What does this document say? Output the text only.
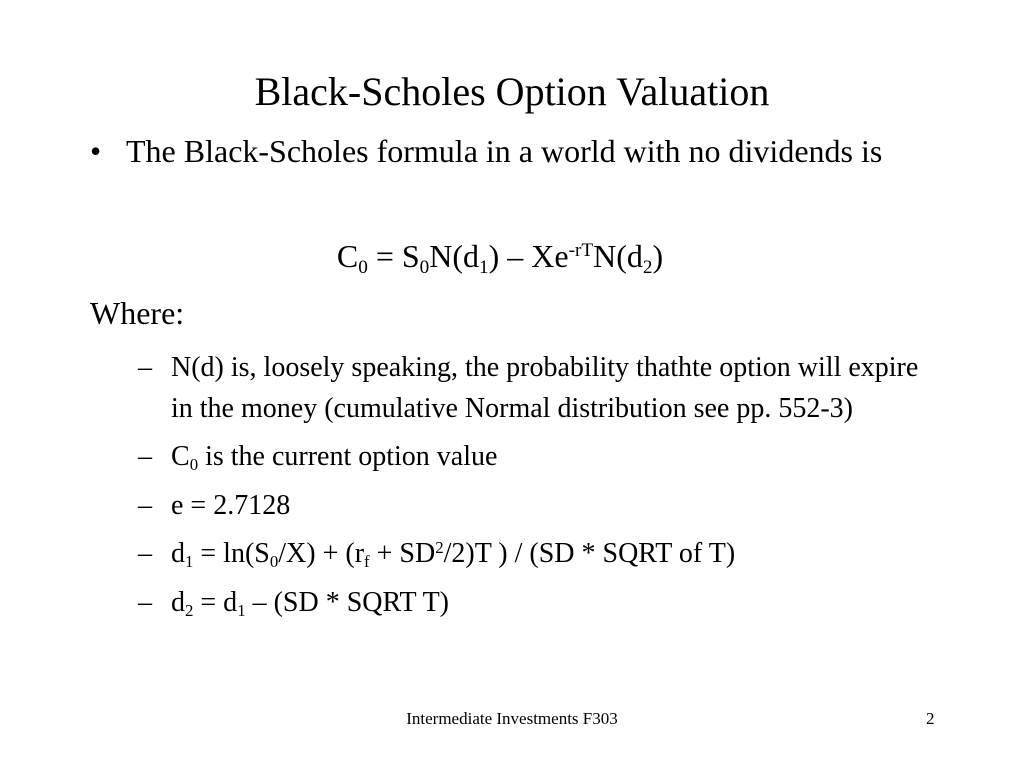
Black-Scholes Option Valuation
• The Black-Scholes formula in a world with no dividends is
$C_0 = S_0N(d_1) - Xe^{-rT}N(d_2)$
Where:
– N(d) is, loosely speaking, the probability thathte option will expire in the money (cumulative Normal distribution see pp. 552-3)
– $C_0$ is the current option value
– e = 2.7128
– $d_1 = \ln(S_0/X) + (r_f + SD^2/2)T$ ) / (SD * SQRT of T)
– $d_2 = d_1 - (SD$ * SQRT T)
Intermediate Investments F303	2
